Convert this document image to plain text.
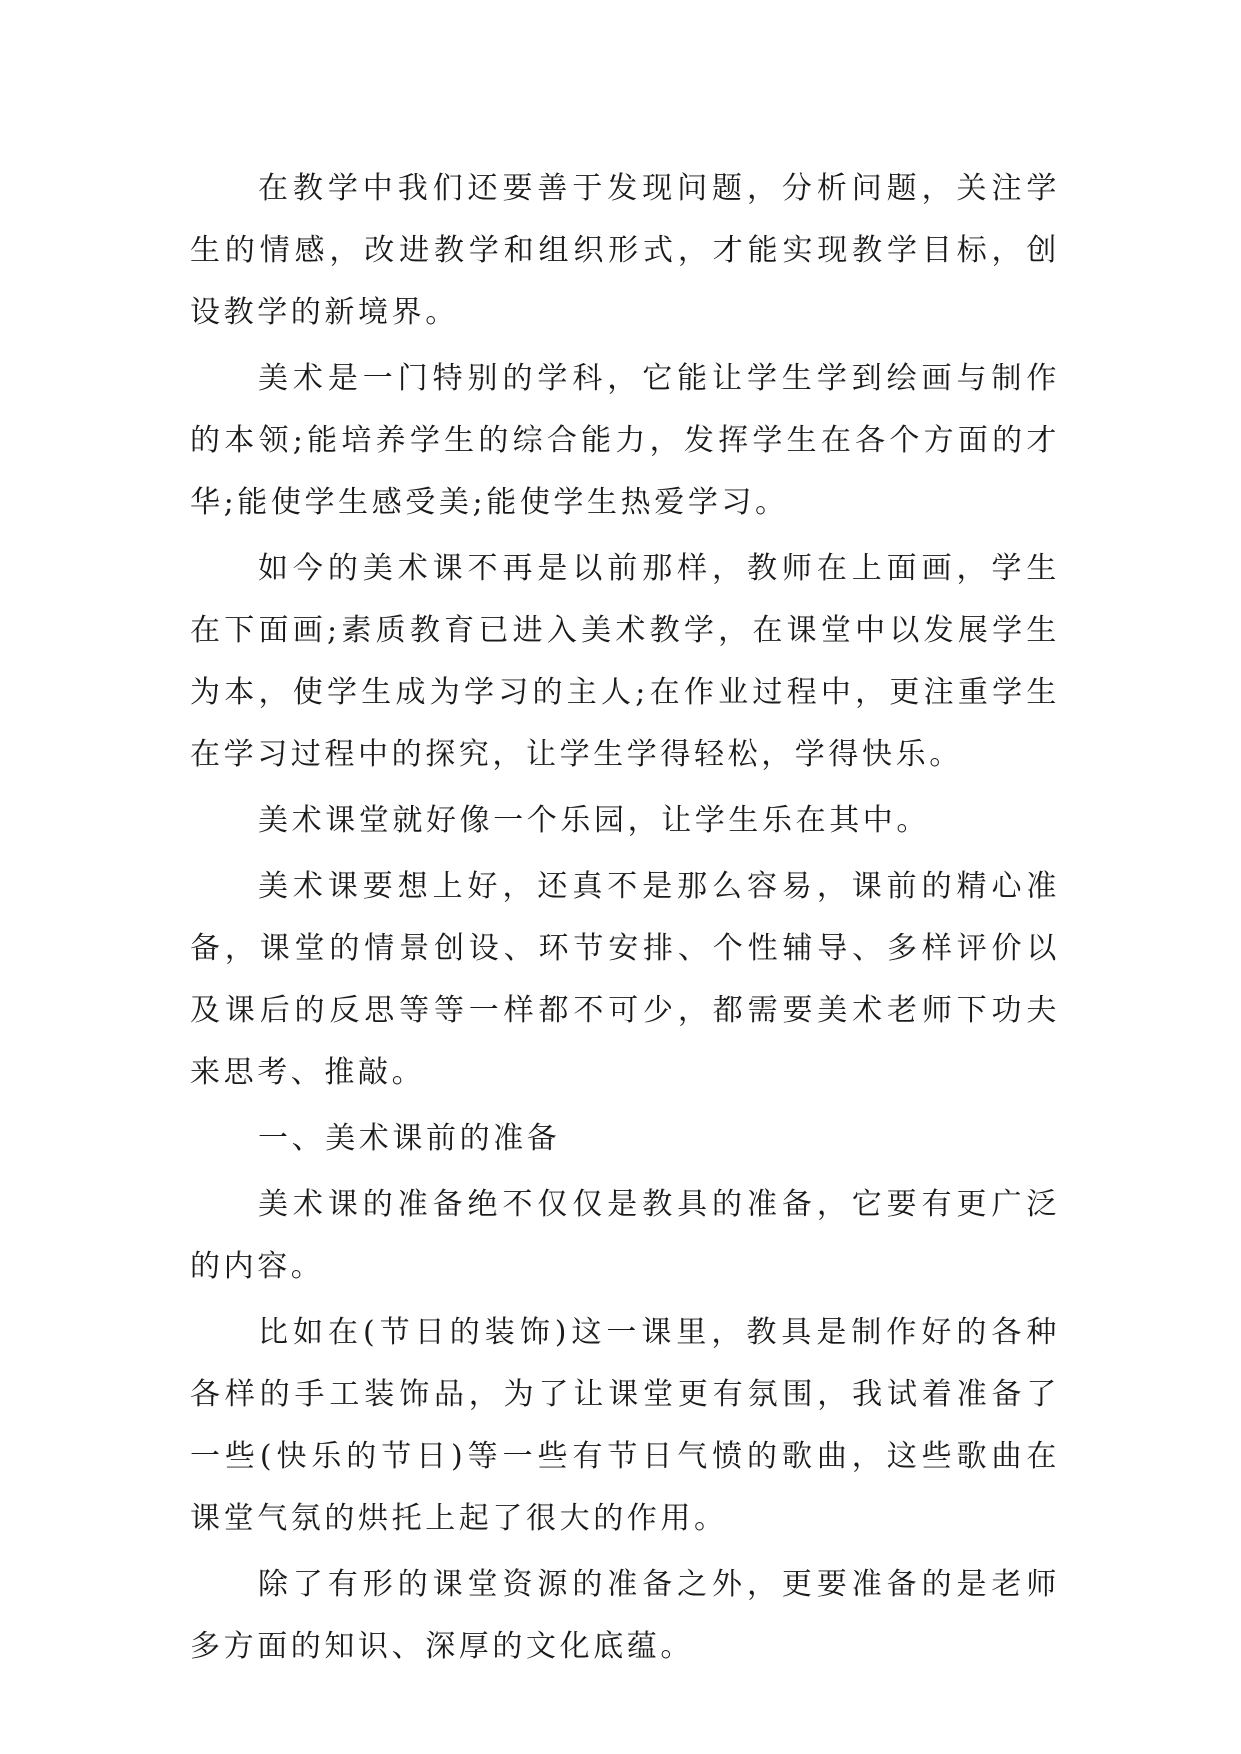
在教学中我们还要善于发现问题，分析问题，关注学生的情感，改进教学和组织形式，才能实现教学目标，创设教学的新境界。

美术是一门特别的学科，它能让学生学到绘画与制作的本领;能培养学生的综合能力，发挥学生在各个方面的才华;能使学生感受美;能使学生热爱学习。

如今的美术课不再是以前那样，教师在上面画，学生在下面画;素质教育已进入美术教学，在课堂中以发展学生为本，使学生成为学习的主人;在作业过程中，更注重学生在学习过程中的探究，让学生学得轻松，学得快乐。

美术课堂就好像一个乐园，让学生乐在其中。

美术课要想上好，还真不是那么容易，课前的精心准备，课堂的情景创设、环节安排、个性辅导、多样评价以及课后的反思等等一样都不可少，都需要美术老师下功夫来思考、推敲。

一、美术课前的准备

美术课的准备绝不仅仅是教具的准备，它要有更广泛的内容。

比如在(节日的装饰)这一课里，教具是制作好的各种各样的手工装饰品，为了让课堂更有氛围，我试着准备了一些(快乐的节日)等一些有节日气愤的歌曲，这些歌曲在课堂气氛的烘托上起了很大的作用。

除了有形的课堂资源的准备之外，更要准备的是老师多方面的知识、深厚的文化底蕴。
